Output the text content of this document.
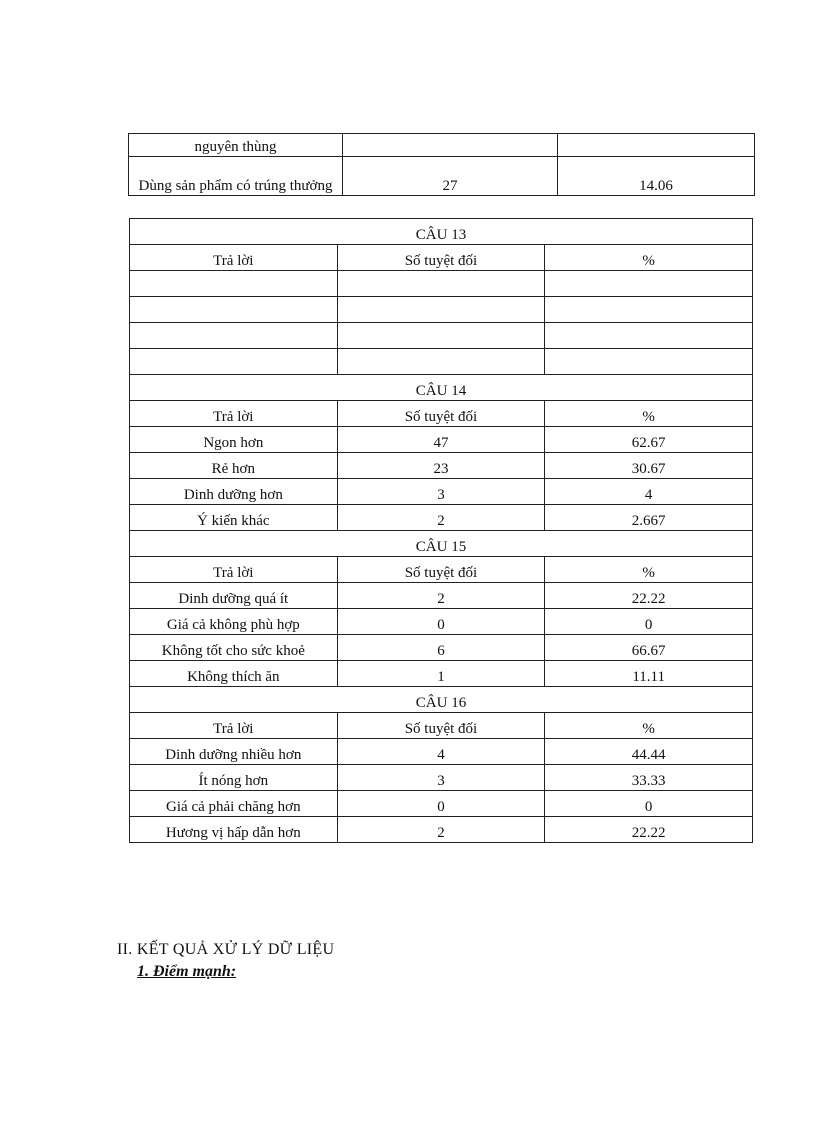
nguyên thùng		
Dùng sản phẩm có trúng thưởng	27	14.06
CÂU 13		
Trả lời	Số tuyệt đối	%

CÂU 14		
Trả lời	Số tuyệt đối	%
Ngon hơn	47	62.67
Rẻ hơn	23	30.67
Dinh dưỡng hơn	3	4
Ý kiến khác	2	2.667
CÂU 15		
Trả lời	Số tuyệt đối	%
Dinh dưỡng quá ít	2	22.22
Giá cả không phù hợp	0	0
Không tốt cho sức khoẻ	6	66.67
Không thích ăn	1	11.11
CÂU 16		
Trả lời	Số tuyệt đối	%
Dinh dưỡng nhiều hơn	4	44.44
Ít nóng hơn	3	33.33
Giá cả phải chăng hơn	0	0
Hương vị hấp dẫn hơn	2	22.22
II. KẾT QUẢ XỬ LÝ DỮ LIỆU
1. Điểm mạnh:
